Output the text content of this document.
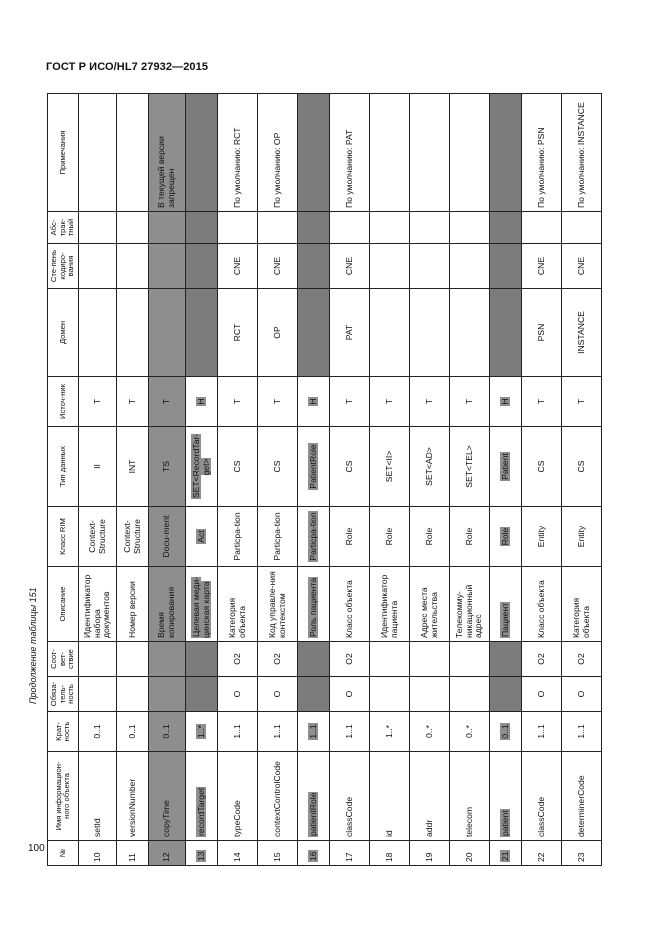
ГОСТ Р ИСО/HL7 27932—2015
Продолжение таблицы 151
100 №	Имя информацион-ного объекта	Крат-ность	Обяза-тель-ность	Соот-вет-ствие	Описание	Класс RIM	Тип данных	Источ-ник	Домен	Сте-пень кодиро-вания	Абс-трак-тный	Примечания
10	setId	0..1			Идентификатор набора документов	Context-Structure	II	T				
11	versionNumber	0..1			Номер версии	Context-Structure	INT	T				
12	copyTime	0..1			Время копирования	Docu-ment	TS	T				В текущей версии запрещен
13	recordTarget	1..*			Целевая меди-цинская карта	Act	SET<RecordTar-get>	H				
14	typeCode	1..1	O	O2	Категория объекта	Particpa-tion	CS	T	RCT	CNE		По умолчанию: RCT
15	contextControlCode	1..1	O	O2	Код управле-ния контекстом	Particpa-tion	CS	T	OP	CNE		По умолчанию: OP
16	patientRole	1..1			Роль пациента	Particpa-tion	PatientRole	H				
17	classCode	1..1	O	O2	Класс объекта	Role	CS	T	PAT	CNE		По умолчанию: PAT
18	id	1..*			Идентификатор пациента	Role	SET<II>	T				
19	addr	0..*			Адрес места жительства	Role	SET<AD>	T				
20	telecom	0..*			Телекомму-никационный адрес	Role	SET<TEL>	T				
21	patient	0..1			Пациент	Role	Patient	H				
22	classCode	1..1	O	O2	Класс объекта	Entity	CS	T	PSN	CNE		По умолчанию: PSN
23	determinerCode	1..1	O	O2	Категория объекта	Entity	CS	T	INSTANCE	CNE		По умолчанию: INSTANCE
